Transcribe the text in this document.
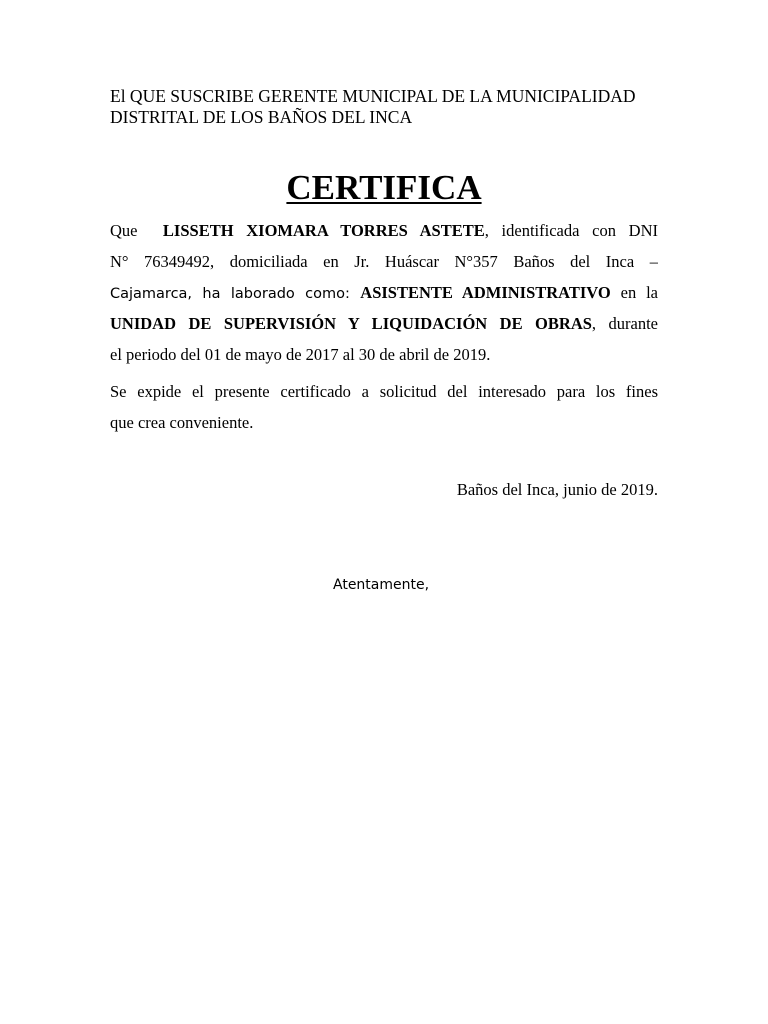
El QUE SUSCRIBE GERENTE MUNICIPAL DE LA MUNICIPALIDAD
DISTRITAL DE LOS BAÑOS DEL INCA
CERTIFICA
Que LISSETH XIOMARA TORRES ASTETE, identificada con DNI
N° 76349492, domiciliada en Jr. Huáscar N°357 Baños del Inca –
Cajamarca, ha laborado como: ASISTENTE ADMINISTRATIVO en la
UNIDAD DE SUPERVISIÓN Y LIQUIDACIÓN DE OBRAS, durante
el periodo del 01 de mayo de 2017 al 30 de abril de 2019.
Se expide el presente certificado a solicitud del interesado para los fines
que crea conveniente.
Baños del Inca, junio de 2019.
Atentamente,
